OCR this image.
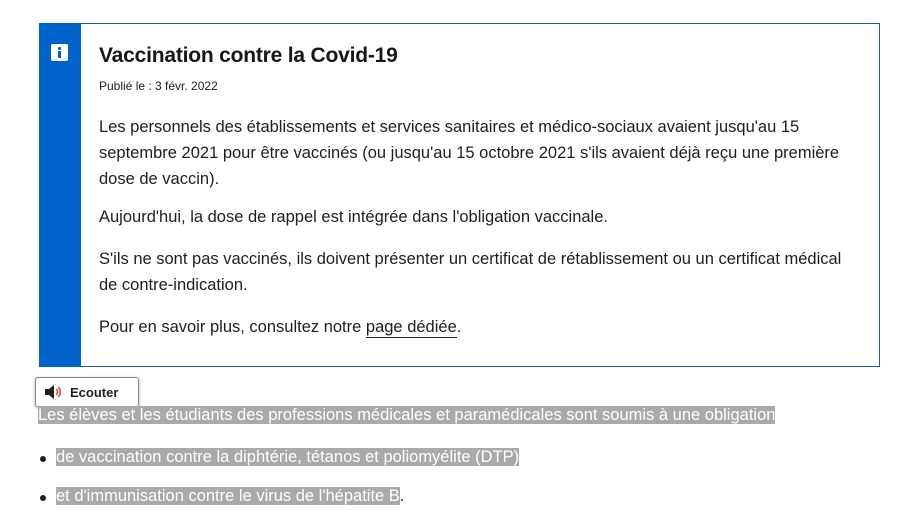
Vaccination contre la Covid-19
Publié le : 3 févr. 2022

Les personnels des établissements et services sanitaires et médico-sociaux avaient jusqu'au 15 septembre 2021 pour être vaccinés (ou jusqu'au 15 octobre 2021 s'ils avaient déjà reçu une première dose de vaccin).

Aujourd'hui, la dose de rappel est intégrée dans l'obligation vaccinale.

S'ils ne sont pas vaccinés, ils doivent présenter un certificat de rétablissement ou un certificat médical de contre-indication.

Pour en savoir plus, consultez notre page dédiée.

Ecouter

Les élèves et les étudiants des professions médicales et paramédicales sont soumis à une obligation

de vaccination contre la diphtérie, tétanos et poliomyélite (DTP)
et d'immunisation contre le virus de l'hépatite B.
